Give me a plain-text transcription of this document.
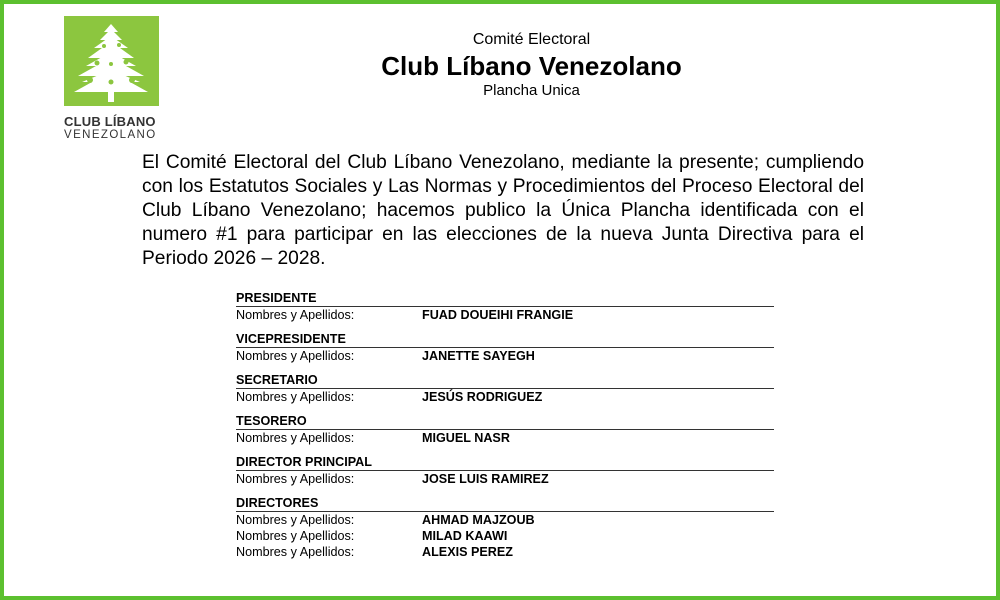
CLUB LÍBANO
VENEZOLANO
Comité Electoral
Club Líbano Venezolano
Plancha Unica
El Comité Electoral del Club Líbano Venezolano, mediante la presente; cumpliendo con los Estatutos Sociales y Las Normas y Procedimientos del Proceso Electoral del Club Líbano Venezolano; hacemos publico la Única Plancha identificada con el numero #1 para participar en las elecciones de la nueva Junta Directiva para el Periodo 2026 – 2028.
PRESIDENTE
Nombres y Apellidos:	FUAD DOUEIHI FRANGIE
VICEPRESIDENTE
Nombres y Apellidos:	JANETTE SAYEGH
SECRETARIO
Nombres y Apellidos:	JESÚS RODRIGUEZ
TESORERO
Nombres y Apellidos:	MIGUEL NASR
DIRECTOR PRINCIPAL
Nombres y Apellidos:	JOSE LUIS RAMIREZ
DIRECTORES
Nombres y Apellidos:	AHMAD MAJZOUB
Nombres y Apellidos:	MILAD KAAWI
Nombres y Apellidos:	ALEXIS PEREZ
